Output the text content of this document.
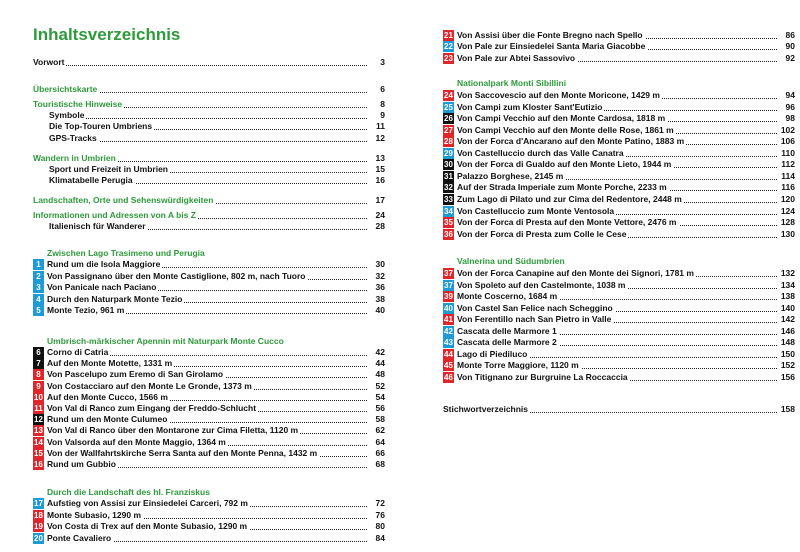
Inhaltsverzeichnis
Vorwort	3
Übersichtskarte	6
Touristische Hinweise	8
Symbole	9
Die Top-Touren Umbriens	11
GPS-Tracks	12
Wandern in Umbrien	13
Sport und Freizeit in Umbrien	15
Klimatabelle Perugia	16
Landschaften, Orte und Sehenswürdigkeiten	17
Informationen und Adressen von A bis Z	24
Italienisch für Wanderer	28
Zwischen Lago Trasimeno und Perugia
1 Rund um die Isola Maggiore	30
2 Von Passignano über den Monte Castiglione, 802 m, nach Tuoro	32
3 Von Panicale nach Paciano	36
4 Durch den Naturpark Monte Tezio	38
5 Monte Tezio, 961 m	40
Umbrisch-märkischer Apennin mit Naturpark Monte Cucco
6 Corno di Catria	42
7 Auf den Monte Motette, 1331 m	44
8 Von Pascelupo zum Eremo di San Girolamo	48
9 Von Costacciaro auf den Monte Le Gronde, 1373 m	52
10 Auf den Monte Cucco, 1566 m	54
11 Von Val di Ranco zum Eingang der Freddo-Schlucht	56
12 Rund um den Monte Culumeo	58
13 Von Val di Ranco über den Montarone zur Cima Filetta, 1120 m	62
14 Von Valsorda auf den Monte Maggio, 1364 m	64
15 Von der Wallfahrtskirche Serra Santa auf den Monte Penna, 1432 m	66
16 Rund um Gubbio	68
Durch die Landschaft des hl. Franziskus
17 Aufstieg von Assisi zur Einsiedelei Carceri, 792 m	72
18 Monte Subasio, 1290 m	76
19 Von Costa di Trex auf den Monte Subasio, 1290 m	80
20 Ponte Cavaliero	84
21 Von Assisi über die Fonte Bregno nach Spello	86
22 Von Pale zur Einsiedelei Santa Maria Giacobbe	90
23 Von Pale zur Abtei Sassovivo	92
Nationalpark Monti Sibillini
24 Von Saccovescio auf den Monte Moricone, 1429 m	94
25 Von Campi zum Kloster Sant'Eutizio	96
26 Von Campi Vecchio auf den Monte Cardosa, 1818 m	98
27 Von Campi Vecchio auf den Monte delle Rose, 1861 m	102
28 Von der Forca d'Ancarano auf den Monte Patino, 1883 m	106
29 Von Castelluccio durch das Valle Canatra	110
30 Von der Forca di Gualdo auf den Monte Lieto, 1944 m	112
31 Palazzo Borghese, 2145 m	114
32 Auf der Strada Imperiale zum Monte Porche, 2233 m	116
33 Zum Lago di Pilato und zur Cima del Redentore, 2448 m	120
34 Von Castelluccio zum Monte Ventosola	124
35 Von der Forca di Presta auf den Monte Vettore, 2476 m	128
36 Von der Forca di Presta zum Colle le Cese	130
Valnerina und Südumbrien
37 Von der Forca Canapine auf den Monte dei Signori, 1781 m	132
37 Von Spoleto auf den Castelmonte, 1038 m	134
39 Monte Coscerno, 1684 m	138
40 Von Castel San Felice nach Scheggino	140
41 Von Ferentillo nach San Pietro in Valle	142
42 Cascata delle Marmore 1	146
43 Cascata delle Marmore 2	148
44 Lago di Piediluco	150
45 Monte Torre Maggiore, 1120 m	152
46 Von Titignano zur Burgruine La Roccaccia	156
Stichwortverzeichnis	158
